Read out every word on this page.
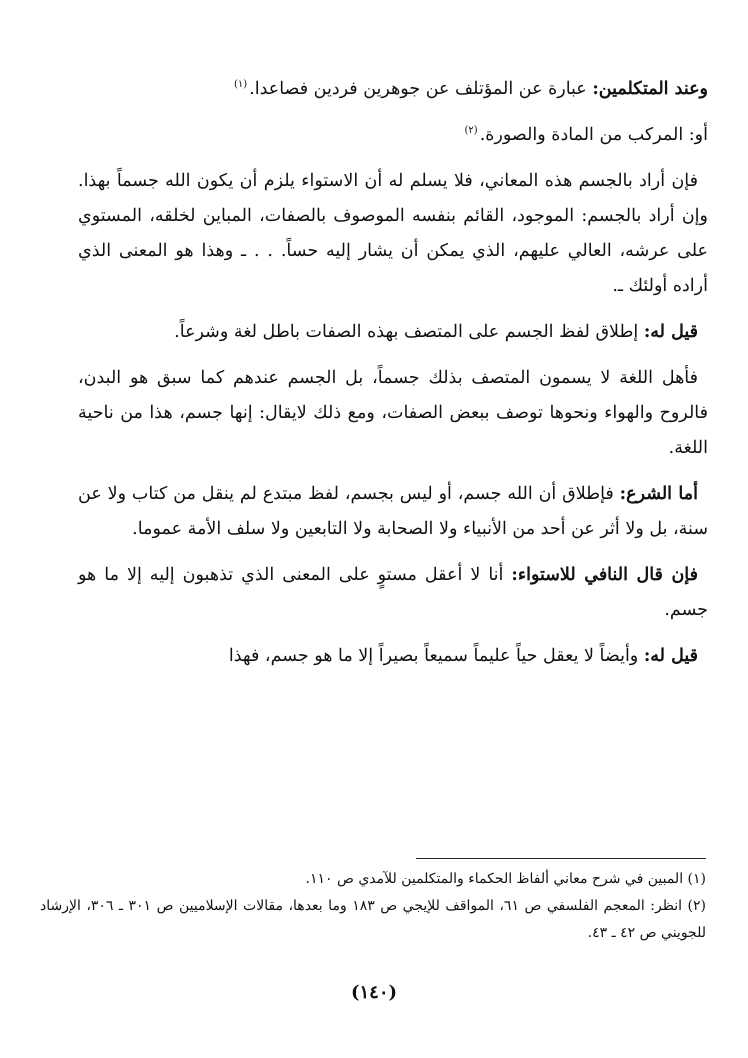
وعند المتكلمين: عبارة عن المؤتلف عن جوهرين فردين فصاعدا.$^{(١)}$

أو: المركب من المادة والصورة.$^{(٢)}$

فإن أراد بالجسم هذه المعاني، فلا يسلم له أن الاستواء يلزم أن يكون الله جسماً بهذا. وإن أراد بالجسم: الموجود، القائم بنفسه الموصوف بالصفات، المباين لخلقه، المستوي على عرشه، العالي عليهم، الذي يمكن أن يشار إليه حساً. . . ـ وهذا هو المعنى الذي أراده أولئك ـ.

قيل له: إطلاق لفظ الجسم على المتصف بهذه الصفات باطل لغة وشرعاً.

فأهل اللغة لا يسمون المتصف بذلك جسماً، بل الجسم عندهم كما سبق هو البدن، فالروح والهواء ونحوها توصف ببعض الصفات، ومع ذلك لايقال: إنها جسم، هذا من ناحية اللغة.

أما الشرع: فإطلاق أن الله جسم، أو ليس بجسم، لفظ مبتدع لم ينقل من كتاب ولا عن سنة، بل ولا أثر عن أحد من الأنبياء ولا الصحابة ولا التابعين ولا سلف الأمة عموما.

فإن قال النافي للاستواء: أنا لا أعقل مستوٍ على المعنى الذي تذهبون إليه إلا ما هو جسم.

قيل له: وأيضاً لا يعقل حياً عليماً سميعاً بصيراً إلا ما هو جسم، فهذا

(١) المبين في شرح معاني ألفاظ الحكماء والمتكلمين للآمدي ص ١١٠.

(٢) انظر: المعجم الفلسفي ص ٦١، المواقف للإيجي ص ١٨٣ وما بعدها، مقالات الإسلاميين ص ٣٠١ ـ ٣٠٦، الإرشاد للجويني ص ٤٢ ـ ٤٣.

(١٤٠)
